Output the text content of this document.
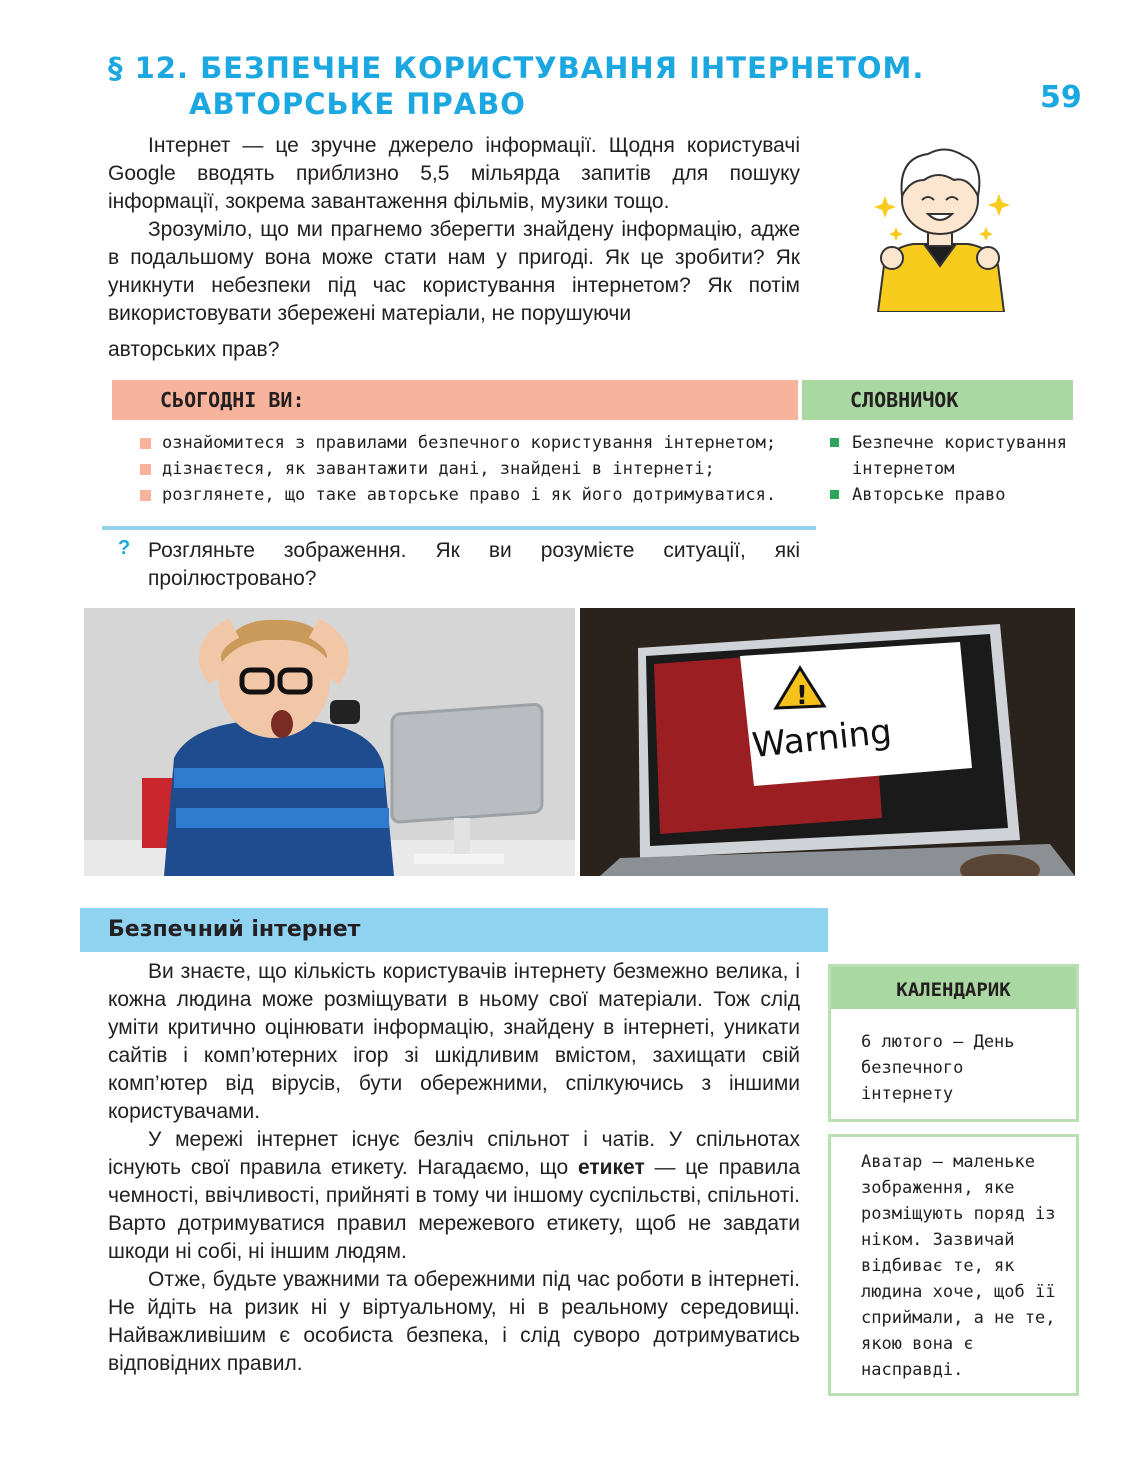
§ 12. БЕЗПЕЧНЕ КОРИСТУВАННЯ ІНТЕРНЕТОМ.
АВТОРСЬКЕ ПРАВО	59

Інтернет — це зручне джерело інформації. Щодня користувачі Google вводять приблизно 5,5 мільярда запитів для пошуку інформації, зокрема завантаження фільмів, музики тощо.

Зрозуміло, що ми прагнемо зберегти знайдену інформацію, адже в подальшому вона може стати нам у пригоді. Як це зробити? Як уникнути небезпеки під час користування інтернетом? Як потім використовувати збережені матеріали, не порушуючи

авторських прав?

СЬОГОДНІ ВИ:	СЛОВНИЧОК
ознайомитеся з правилами безпечного користування інтернетом;
дізнаєтеся, як завантажити дані, знайдені в інтернеті;
розглянете, що таке авторське право і як його дотримуватися.
Безпечне користування інтернетом
Авторське право
? Розгляньте зображення. Як ви розумієте ситуації, які проілюстровано?
!
Warning
Безпечний інтернет

Ви знаєте, що кількість користувачів інтернету безмежно велика, і кожна людина може розміщувати в ньому свої матеріали. Тож слід уміти критично оцінювати інформацію, знайдену в інтернеті, уникати сайтів і комп’ютерних ігор зі шкідливим вмістом, захищати свій комп’ютер від вірусів, бути обережними, спілкуючись з іншими користувачами.

У мережі інтернет існує безліч спільнот і чатів. У спільнотах існують свої правила етикету. Нагадаємо, що етикет — це правила чемності, ввічливості, прийняті в тому чи іншому суспільстві, спільноті. Варто дотримуватися правил мережевого етикету, щоб не завдати шкоди ні собі, ні іншим людям.

Отже, будьте уважними та обережними під час роботи в інтернеті. Не йдіть на ризик ні у віртуальному, ні в реальному середовищі. Найважливішим є особиста безпека, і слід суворо дотримуватись відповідних правил.

КАЛЕНДАРИК
6 лютого — День безпечного інтернету
Аватар — маленьке зображення, яке розміщують поряд із ніком. Зазвичай відбиває те, як людина хоче, щоб її сприймали, а не те, якою вона є насправді.
